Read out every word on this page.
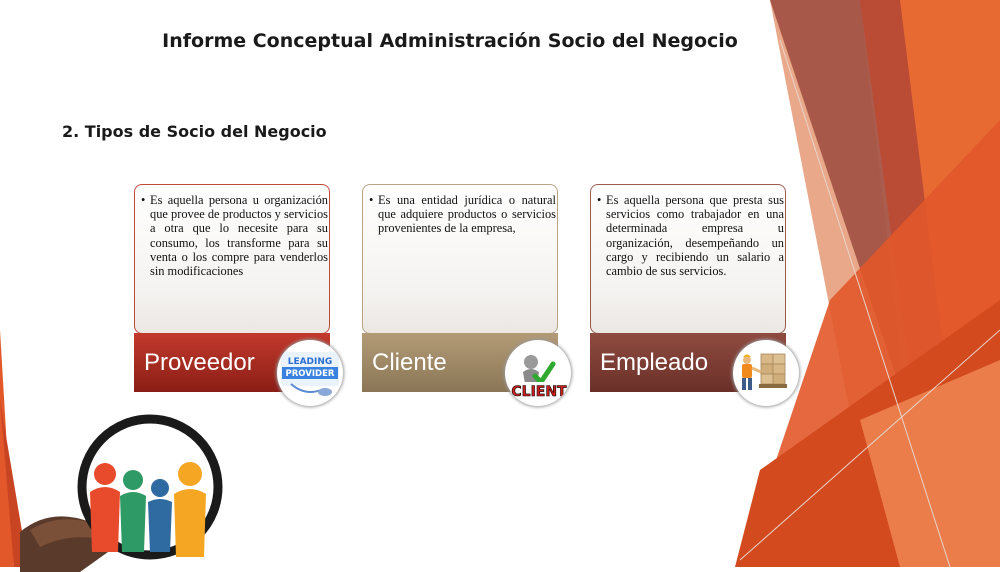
Informe Conceptual Administración Socio del Negocio
2. Tipos de Socio del Negocio
• Es aquella persona u organización que provee de productos y servicios a otra que lo necesite para su consumo, los transforme para su venta o los compre para venderlos sin modificaciones
Proveedor	LEADING
PROVIDER
• Es una entidad jurídica o natural que adquiere productos o servicios provenientes de la empresa,
Cliente
CLIENT
• Es aquella persona que presta sus servicios como trabajador en una determinada empresa u organización, desempeñando un cargo y recibiendo un salario a cambio de sus servicios.
Empleado
